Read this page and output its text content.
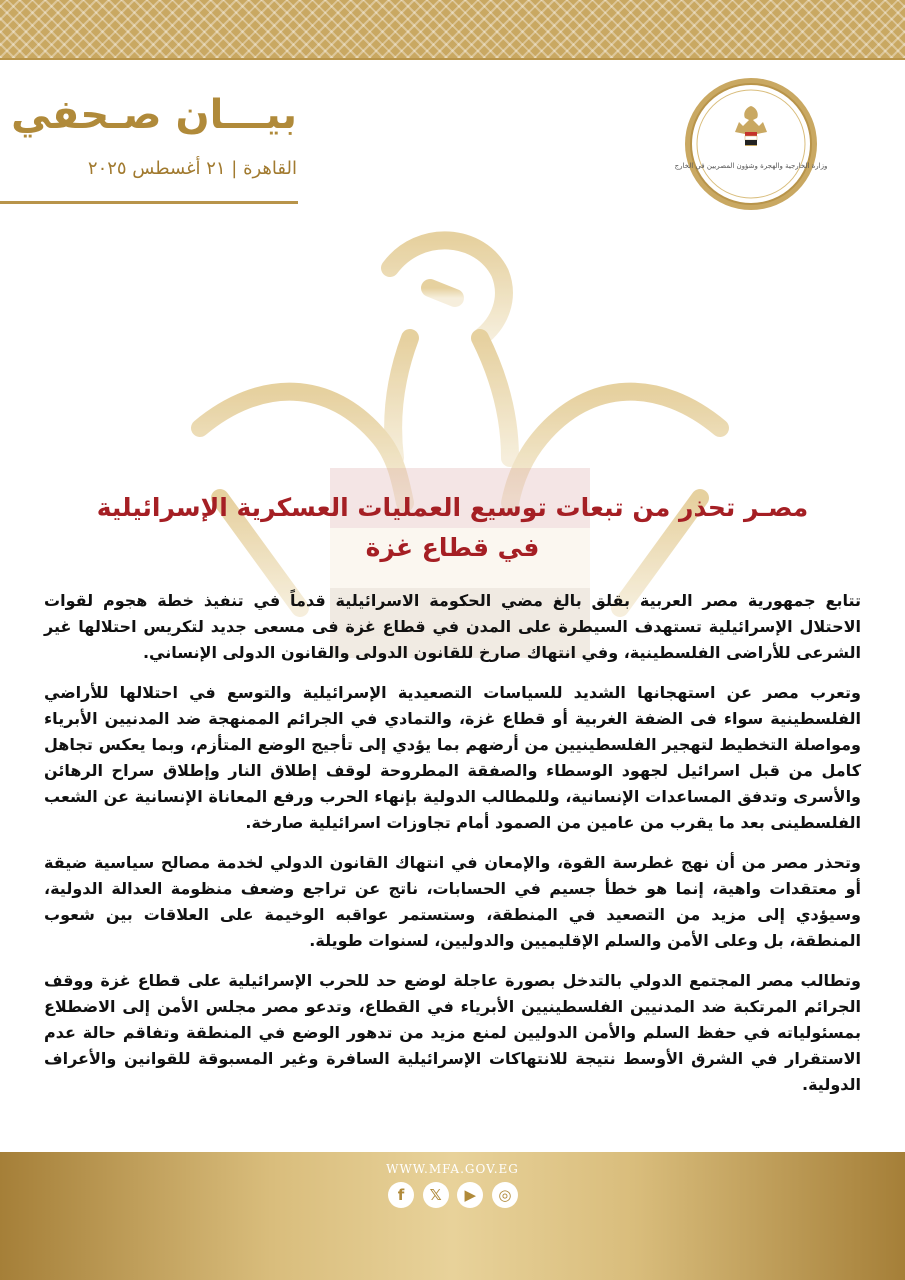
بيـــان صـحفي
القاهرة | ٢١ أغسطس ٢٠٢٥	وزارة الخارجية والهجرة وشؤون المصريين في الخارج
مصـر تحذر من تبعات توسيع العمليات العسكرية الإسرائيلية
في قطاع غزة

تتابع جمهورية مصر العربية بقلق بالغ مضي الحكومة الاسرائيلية قدماً في تنفيذ خطة هجوم لقوات الاحتلال الإسرائيلية تستهدف السيطرة على المدن في قطاع غزة فى مسعى جديد لتكريس احتلالها غير الشرعى للأراضى الفلسطينية، وفي انتهاك صارخ للقانون الدولى والقانون الدولى الإنساني.

وتعرب مصر عن استهجانها الشديد للسياسات التصعيدية الإسرائيلية والتوسع في احتلالها للأراضي الفلسطينية سواء فى الضفة الغربية أو قطاع غزة، والتمادي في الجرائم الممنهجة ضد المدنيين الأبرياء ومواصلة التخطيط لتهجير الفلسطينيين من أرضهم بما يؤدي إلى تأجيج الوضع المتأزم، وبما يعكس تجاهل كامل من قبل اسرائيل لجهود الوسطاء والصفقة المطروحة لوقف إطلاق النار وإطلاق سراح الرهائن والأسرى وتدفق المساعدات الإنسانية، وللمطالب الدولية بإنهاء الحرب ورفع المعاناة الإنسانية عن الشعب الفلسطينى بعد ما يقرب من عامين من الصمود أمام تجاوزات اسرائيلية صارخة.

وتحذر مصر من أن نهج غطرسة القوة، والإمعان في انتهاك القانون الدولي لخدمة مصالح سياسية ضيقة أو معتقدات واهية، إنما هو خطأ جسيم في الحسابات، ناتج عن تراجع وضعف منظومة العدالة الدولية، وسيؤدي إلى مزيد من التصعيد في المنطقة، وستستمر عواقبه الوخيمة على العلاقات بين شعوب المنطقة، بل وعلى الأمن والسلم الإقليميين والدوليين، لسنوات طويلة.

وتطالب مصر المجتمع الدولي بالتدخل بصورة عاجلة لوضع حد للحرب الإسرائيلية على قطاع غزة ووقف الجرائم المرتكبة ضد المدنيين الفلسطينيين الأبرياء في القطاع، وتدعو مصر مجلس الأمن إلى الاضطلاع بمسئولياته في حفظ السلم والأمن الدوليين لمنع مزيد من تدهور الوضع في المنطقة وتفاقم حالة عدم الاستقرار في الشرق الأوسط نتيجة للانتهاكات الإسرائيلية السافرة وغير المسبوقة للقوانين والأعراف الدولية.

WWW.MFA.GOV.EG
f	𝕏	▶	◎
